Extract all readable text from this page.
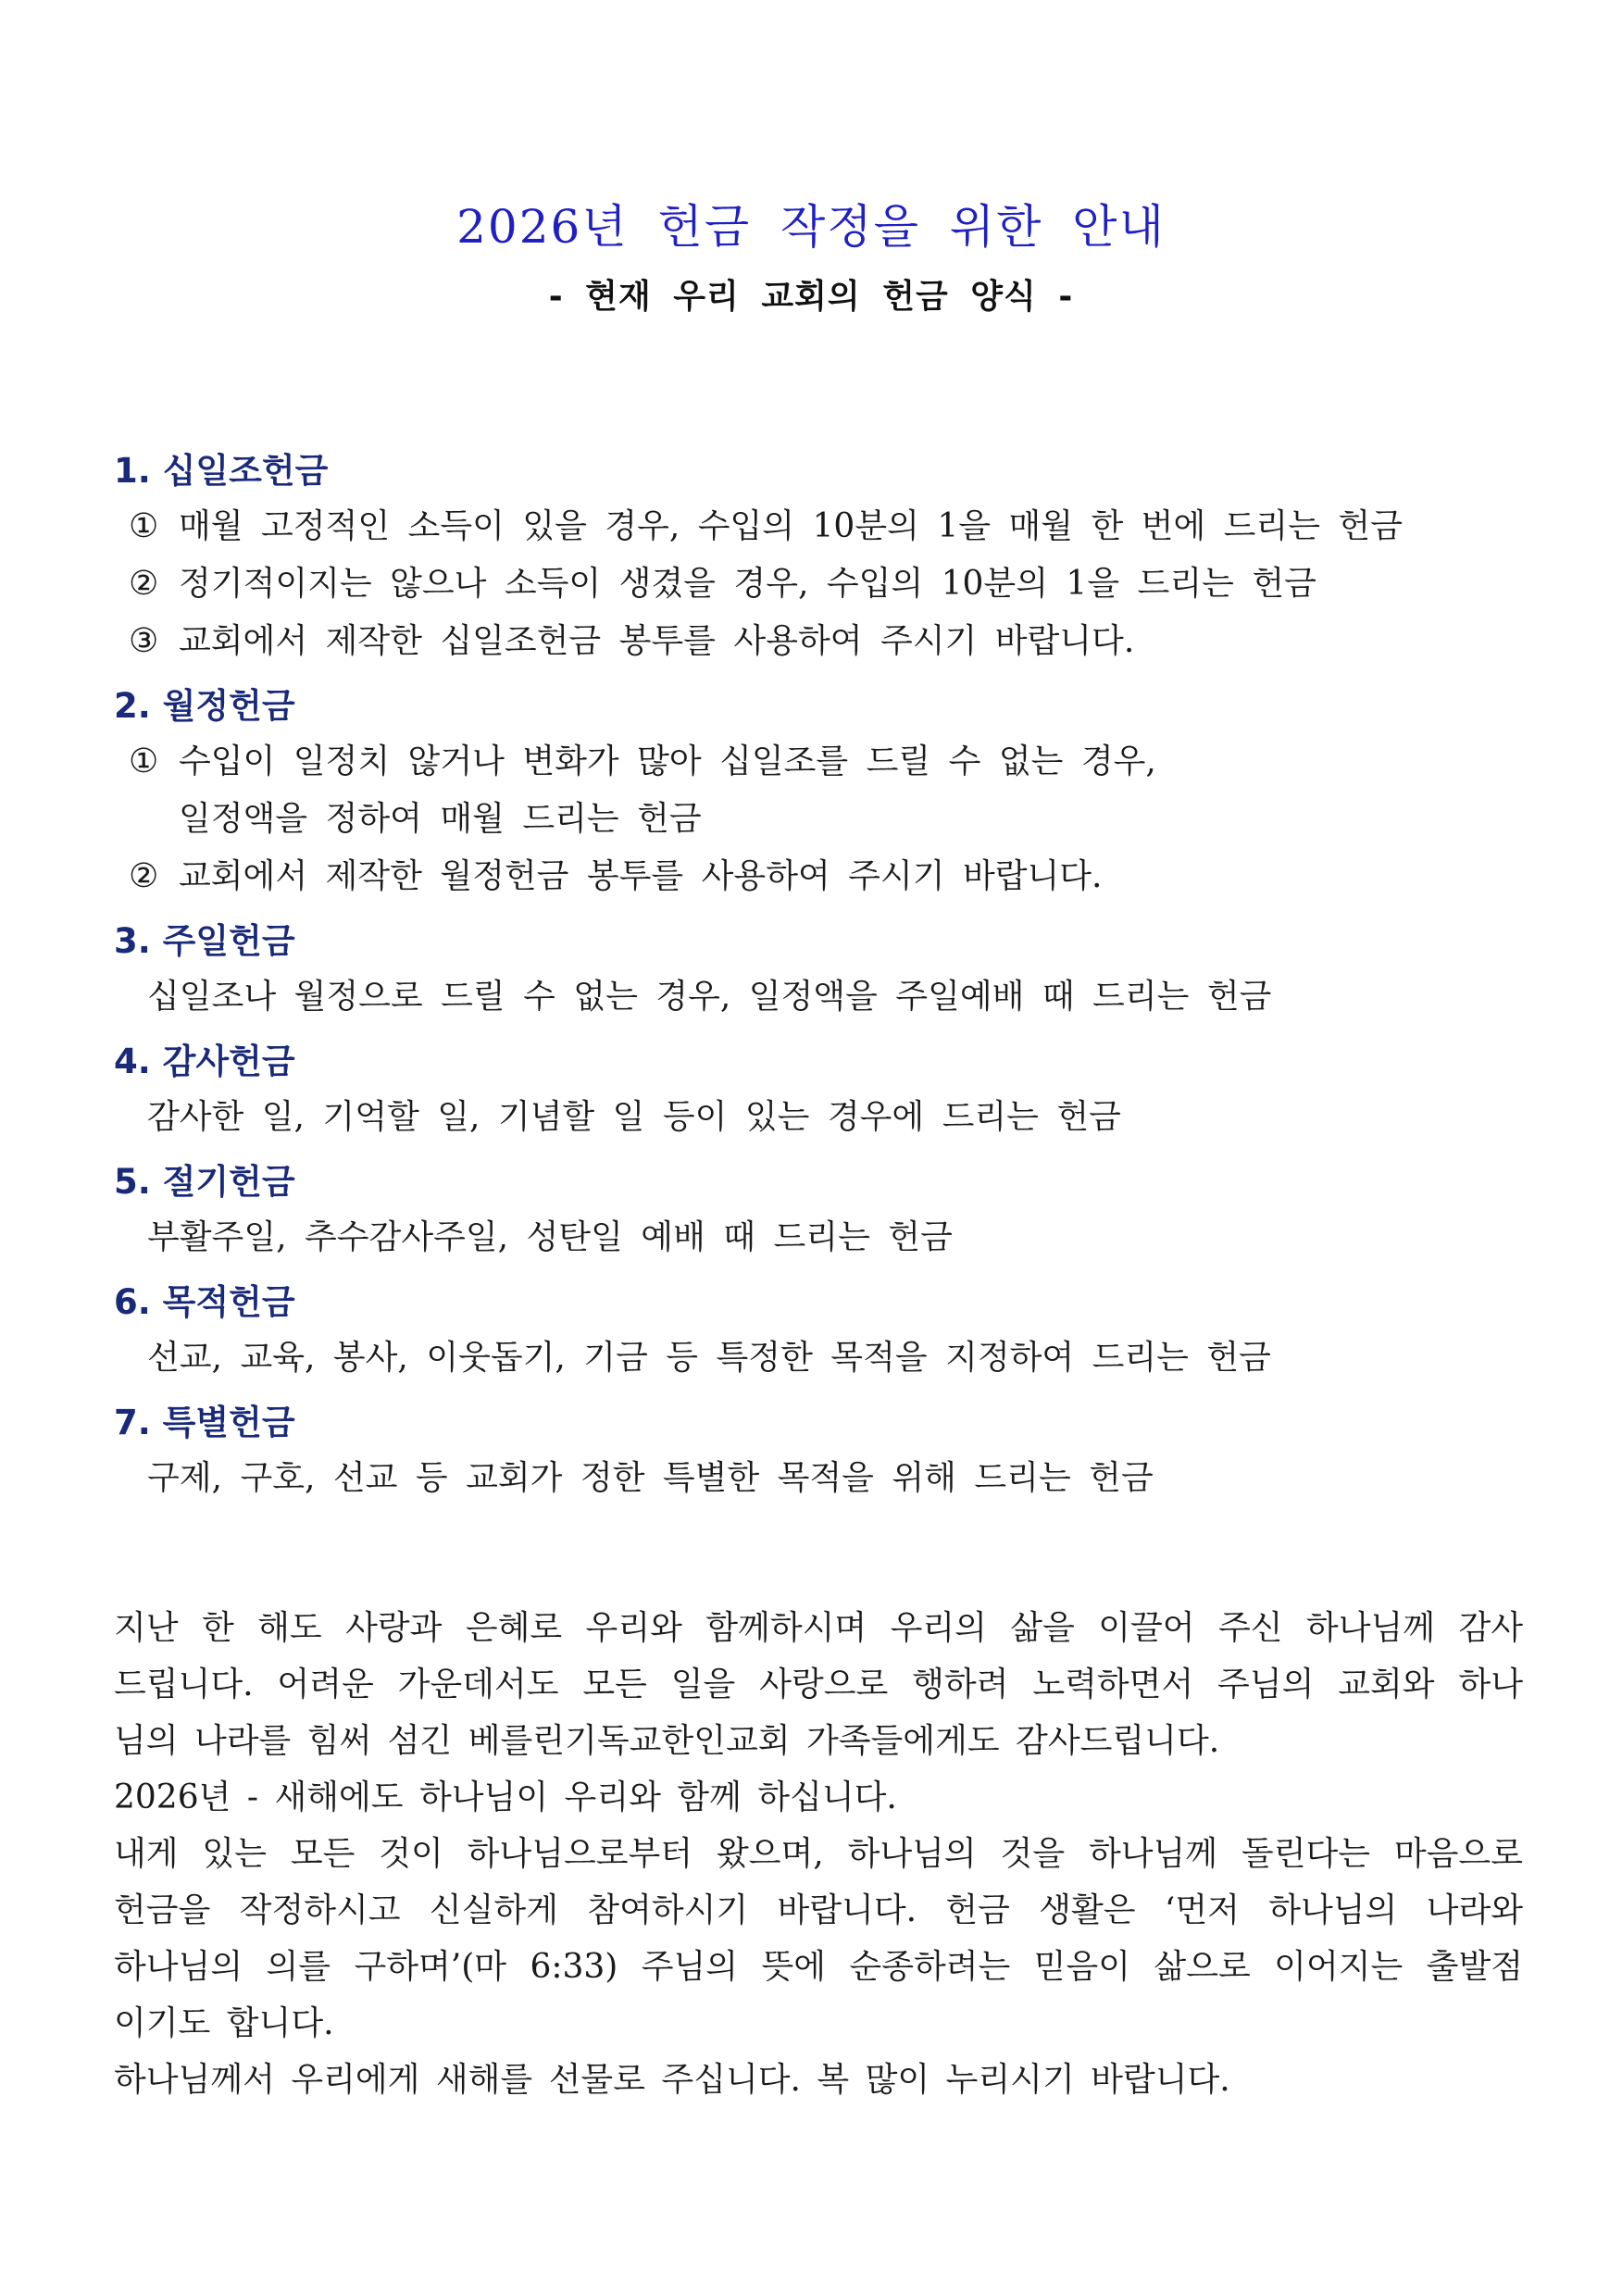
2026년 헌금 작정을 위한 안내
- 현재 우리 교회의 헌금 양식 -
1. 십일조헌금
① 매월 고정적인 소득이 있을 경우, 수입의 10분의 1을 매월 한 번에 드리는 헌금
② 정기적이지는 않으나 소득이 생겼을 경우, 수입의 10분의 1을 드리는 헌금
③ 교회에서 제작한 십일조헌금 봉투를 사용하여 주시기 바랍니다.
2. 월정헌금
① 수입이 일정치 않거나 변화가 많아 십일조를 드릴 수 없는 경우,
일정액을 정하여 매월 드리는 헌금
② 교회에서 제작한 월정헌금 봉투를 사용하여 주시기 바랍니다.
3. 주일헌금
십일조나 월정으로 드릴 수 없는 경우, 일정액을 주일예배 때 드리는 헌금
4. 감사헌금
감사한 일, 기억할 일, 기념할 일 등이 있는 경우에 드리는 헌금
5. 절기헌금
부활주일, 추수감사주일, 성탄일 예배 때 드리는 헌금
6. 목적헌금
선교, 교육, 봉사, 이웃돕기, 기금 등 특정한 목적을 지정하여 드리는 헌금
7. 특별헌금
구제, 구호, 선교 등 교회가 정한 특별한 목적을 위해 드리는 헌금
지난 한 해도 사랑과 은혜로 우리와 함께하시며 우리의 삶을 이끌어 주신 하나님께 감사
드립니다. 어려운 가운데서도 모든 일을 사랑으로 행하려 노력하면서 주님의 교회와 하나
님의 나라를 힘써 섬긴 베를린기독교한인교회 가족들에게도 감사드립니다.
2026년 - 새해에도 하나님이 우리와 함께 하십니다.
내게 있는 모든 것이 하나님으로부터 왔으며, 하나님의 것을 하나님께 돌린다는 마음으로
헌금을 작정하시고 신실하게 참여하시기 바랍니다. 헌금 생활은 ‘먼저 하나님의 나라와
하나님의 의를 구하며’(마 6:33) 주님의 뜻에 순종하려는 믿음이 삶으로 이어지는 출발점
이기도 합니다.
하나님께서 우리에게 새해를 선물로 주십니다. 복 많이 누리시기 바랍니다.
